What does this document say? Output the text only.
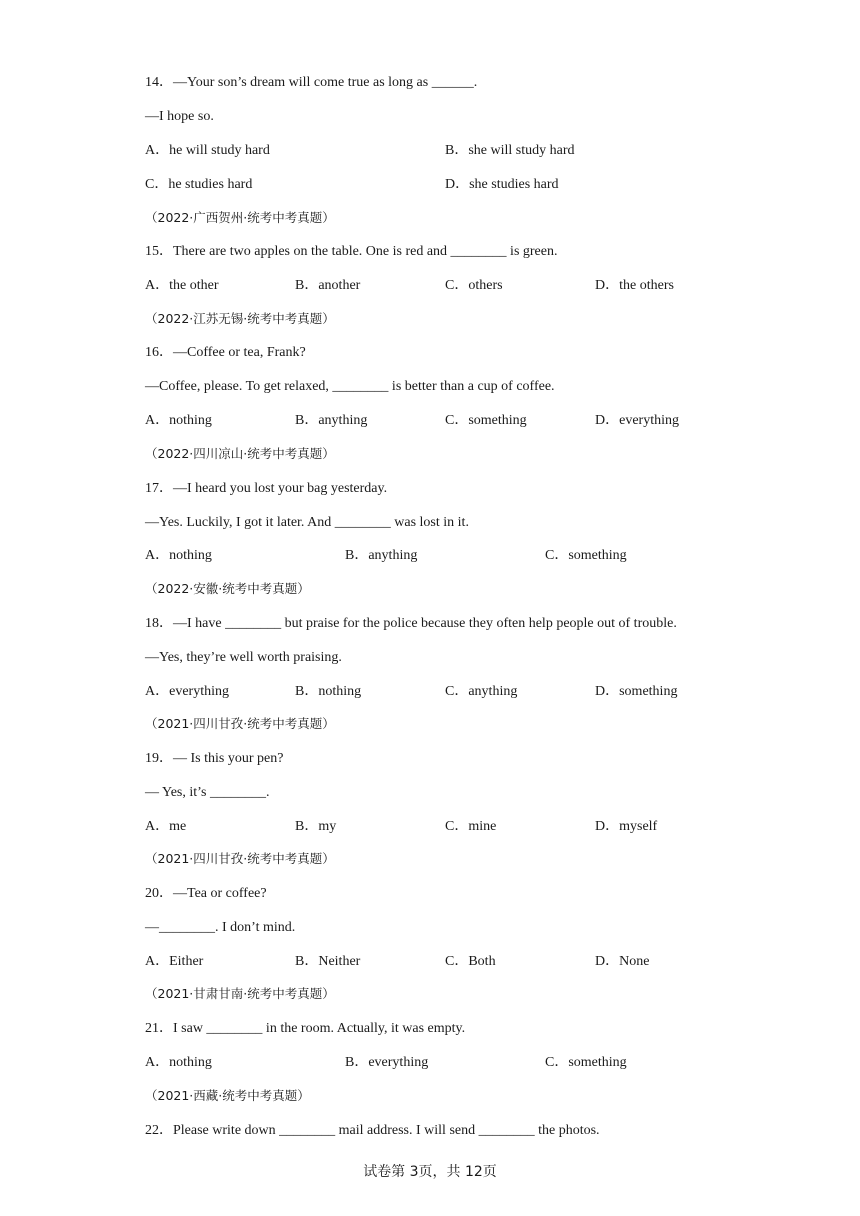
14．—Your son’s dream will come true as long as ______.
—I hope so.
A．he will study hard	B．she will study hard
C．he studies hard	D．she studies hard
（2022·广西贺州·统考中考真题）
15．There are two apples on the table. One is red and ________ is green.
A．the other	B．another	C．others	D．the others
（2022·江苏无锡·统考中考真题）
16．—Coffee or tea, Frank?
—Coffee, please. To get relaxed, ________ is better than a cup of coffee.
A．nothing	B．anything	C．something	D．everything
（2022·四川凉山·统考中考真题）
17．—I heard you lost your bag yesterday.
—Yes. Luckily, I got it later. And ________ was lost in it.
A．nothing	B．anything	C．something
（2022·安徽·统考中考真题）
18．—I have ________ but praise for the police because they often help people out of trouble.
—Yes, they’re well worth praising.
A．everything	B．nothing	C．anything	D．something
（2021·四川甘孜·统考中考真题）
19．— Is this your pen?
— Yes, it’s ________.
A．me	B．my	C．mine	D．myself
（2021·四川甘孜·统考中考真题）
20．—Tea or coffee?
—________. I don’t mind.
A．Either	B．Neither	C．Both	D．None
（2021·甘肃甘南·统考中考真题）
21．I saw ________ in the room. Actually, it was empty.
A．nothing	B．everything	C．something
（2021·西藏·统考中考真题）
22．Please write down ________ mail address. I will send ________ the photos.
试卷第 3页，共 12页
